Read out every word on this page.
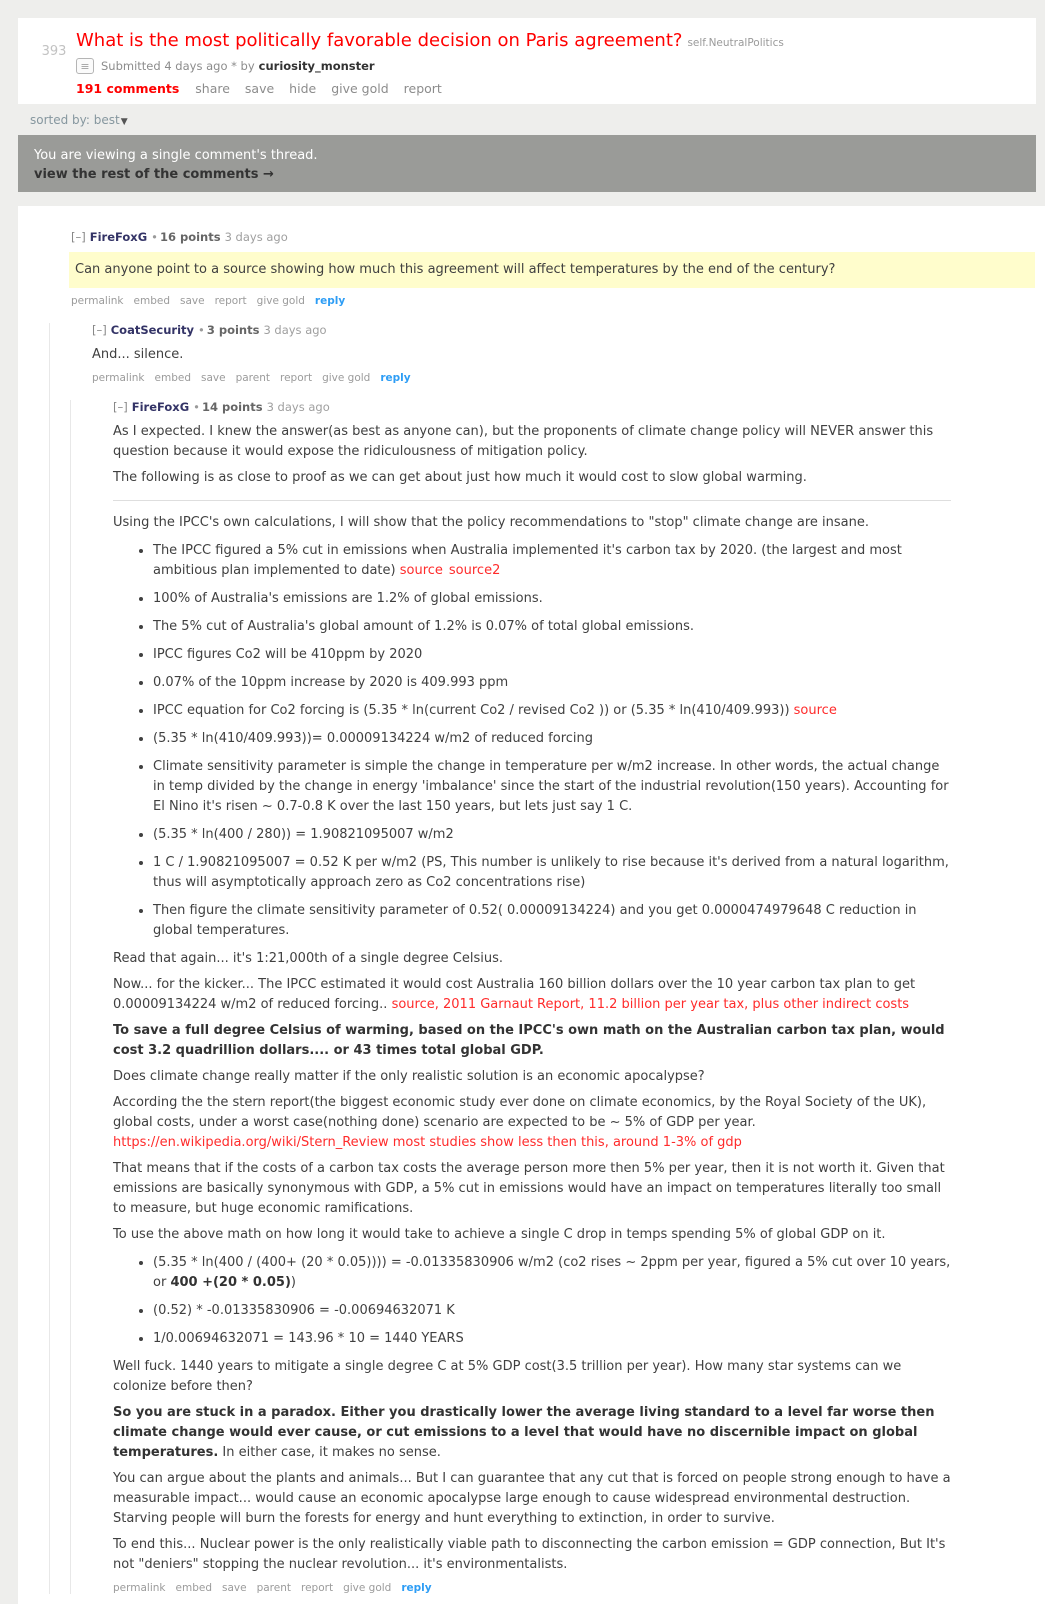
393
What is the most politically favorable decision on Paris agreement? self.NeutralPolitics
≡ Submitted 4 days ago * by curiosity_monster
191 comments share save hide give gold report
sorted by: best▼
You are viewing a single comment's thread.
view the rest of the comments →
[–] FireFoxG • 16 points 3 days ago

Can anyone point to a source showing how much this agreement will affect temperatures by the end of the century?

permalink embed save report give gold reply
[–] CoatSecurity • 3 points 3 days ago

And... silence.

permalink embed save parent report give gold reply
[–] FireFoxG • 14 points 3 days ago

As I expected. I knew the answer(as best as anyone can), but the proponents of climate change policy will NEVER answer this question because it would expose the ridiculousness of mitigation policy.

The following is as close to proof as we can get about just how much it would cost to slow global warming.

Using the IPCC's own calculations, I will show that the policy recommendations to "stop" climate change are insane.

• The IPCC figured a 5% cut in emissions when Australia implemented it's carbon tax by 2020. (the largest and most ambitious plan implemented to date) source source2
• 100% of Australia's emissions are 1.2% of global emissions.
• The 5% cut of Australia's global amount of 1.2% is 0.07% of total global emissions.
• IPCC figures Co2 will be 410ppm by 2020
• 0.07% of the 10ppm increase by 2020 is 409.993 ppm
• IPCC equation for Co2 forcing is (5.35 * ln(current Co2 / revised Co2 )) or (5.35 * ln(410/409.993)) source
• (5.35 * ln(410/409.993))= 0.00009134224 w/m2 of reduced forcing
• Climate sensitivity parameter is simple the change in temperature per w/m2 increase. In other words, the actual change in temp divided by the change in energy 'imbalance' since the start of the industrial revolution(150 years). Accounting for El Nino it's risen ~ 0.7-0.8 K over the last 150 years, but lets just say 1 C.
• (5.35 * ln(400 / 280)) = 1.90821095007 w/m2
• 1 C / 1.90821095007 = 0.52 K per w/m2 (PS, This number is unlikely to rise because it's derived from a natural logarithm, thus will asymptotically approach zero as Co2 concentrations rise)
• Then figure the climate sensitivity parameter of 0.52( 0.00009134224) and you get 0.0000474979648 C reduction in global temperatures.

Read that again... it's 1:21,000th of a single degree Celsius.

Now... for the kicker... The IPCC estimated it would cost Australia 160 billion dollars over the 10 year carbon tax plan to get 0.00009134224 w/m2 of reduced forcing.. source, 2011 Garnaut Report, 11.2 billion per year tax, plus other indirect costs

To save a full degree Celsius of warming, based on the IPCC's own math on the Australian carbon tax plan, would cost 3.2 quadrillion dollars.... or 43 times total global GDP.

Does climate change really matter if the only realistic solution is an economic apocalypse?

According the the stern report(the biggest economic study ever done on climate economics, by the Royal Society of the UK), global costs, under a worst case(nothing done) scenario are expected to be ~ 5% of GDP per year. https://en.wikipedia.org/wiki/Stern_Review most studies show less then this, around 1-3% of gdp

That means that if the costs of a carbon tax costs the average person more then 5% per year, then it is not worth it. Given that emissions are basically synonymous with GDP, a 5% cut in emissions would have an impact on temperatures literally too small to measure, but huge economic ramifications.

To use the above math on how long it would take to achieve a single C drop in temps spending 5% of global GDP on it.

• (5.35 * ln(400 / (400+ (20 * 0.05)))) = -0.01335830906 w/m2 (co2 rises ~ 2ppm per year, figured a 5% cut over 10 years, or 400 +(20 * 0.05))
• (0.52) * -0.01335830906 = -0.00694632071 K
• 1/0.00694632071 = 143.96 * 10 = 1440 YEARS

Well fuck. 1440 years to mitigate a single degree C at 5% GDP cost(3.5 trillion per year). How many star systems can we colonize before then?

So you are stuck in a paradox. Either you drastically lower the average living standard to a level far worse then climate change would ever cause, or cut emissions to a level that would have no discernible impact on global temperatures. In either case, it makes no sense.

You can argue about the plants and animals... But I can guarantee that any cut that is forced on people strong enough to have a measurable impact... would cause an economic apocalypse large enough to cause widespread environmental destruction. Starving people will burn the forests for energy and hunt everything to extinction, in order to survive.

To end this... Nuclear power is the only realistically viable path to disconnecting the carbon emission = GDP connection, But It's not "deniers" stopping the nuclear revolution... it's environmentalists.

permalink embed save parent report give gold reply
